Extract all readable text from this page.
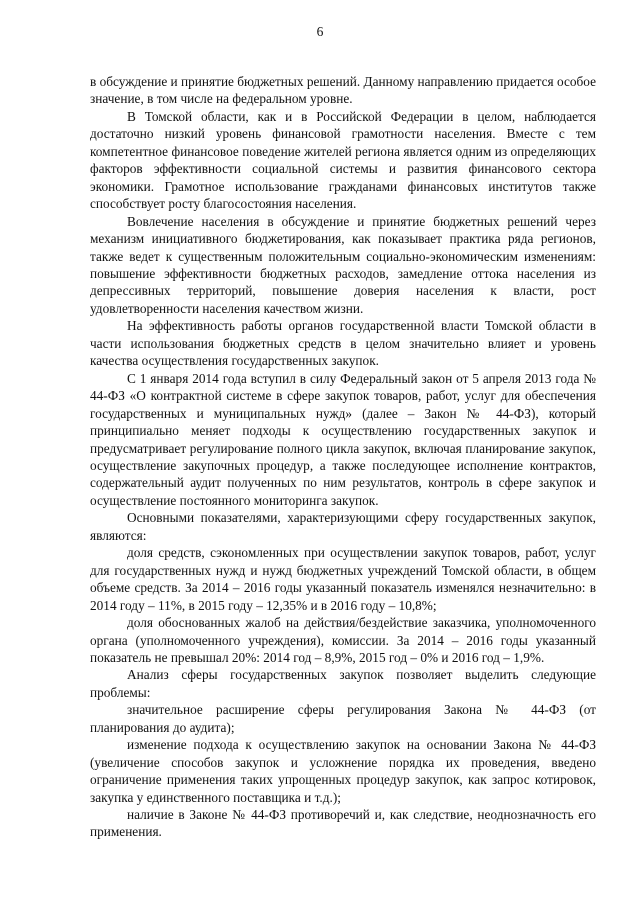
6

в обсуждение и принятие бюджетных решений. Данному направлению придается особое значение, в том числе на федеральном уровне.

В Томской области, как и в Российской Федерации в целом, наблюдается достаточно низкий уровень финансовой грамотности населения. Вместе с тем компетентное финансовое поведение жителей региона является одним из определяющих факторов эффективности социальной системы и развития финансового сектора экономики. Грамотное использование гражданами финансовых институтов также способствует росту благосостояния населения.

Вовлечение населения в обсуждение и принятие бюджетных решений через механизм инициативного бюджетирования, как показывает практика ряда регионов, также ведет к существенным положительным социально-экономическим изменениям: повышение эффективности бюджетных расходов, замедление оттока населения из депрессивных территорий, повышение доверия населения к власти, рост удовлетворенности населения качеством жизни.

На эффективность работы органов государственной власти Томской области в части использования бюджетных средств в целом значительно влияет и уровень качества осуществления государственных закупок.

С 1 января 2014 года вступил в силу Федеральный закон от 5 апреля 2013 года № 44-ФЗ «О контрактной системе в сфере закупок товаров, работ, услуг для обеспечения государственных и муниципальных нужд» (далее – Закон № 44-ФЗ), который принципиально меняет подходы к осуществлению государственных закупок и предусматривает регулирование полного цикла закупок, включая планирование закупок, осуществление закупочных процедур, а также последующее исполнение контрактов, содержательный аудит полученных по ним результатов, контроль в сфере закупок и осуществление постоянного мониторинга закупок.

Основными показателями, характеризующими сферу государственных закупок, являются:

доля средств, сэкономленных при осуществлении закупок товаров, работ, услуг для государственных нужд и нужд бюджетных учреждений Томской области, в общем объеме средств. За 2014 – 2016 годы указанный показатель изменялся незначительно: в 2014 году – 11%, в 2015 году – 12,35% и в 2016 году – 10,8%;

доля обоснованных жалоб на действия/бездействие заказчика, уполномоченного органа (уполномоченного учреждения), комиссии. За 2014 – 2016 годы указанный показатель не превышал 20%: 2014 год – 8,9%, 2015 год – 0% и 2016 год – 1,9%.

Анализ сферы государственных закупок позволяет выделить следующие проблемы:

значительное расширение сферы регулирования Закона № 44-ФЗ (от планирования до аудита);

изменение подхода к осуществлению закупок на основании Закона № 44-ФЗ (увеличение способов закупок и усложнение порядка их проведения, введено ограничение применения таких упрощенных процедур закупок, как запрос котировок, закупка у единственного поставщика и т.д.);

наличие в Законе № 44-ФЗ противоречий и, как следствие, неоднозначность его применения.
